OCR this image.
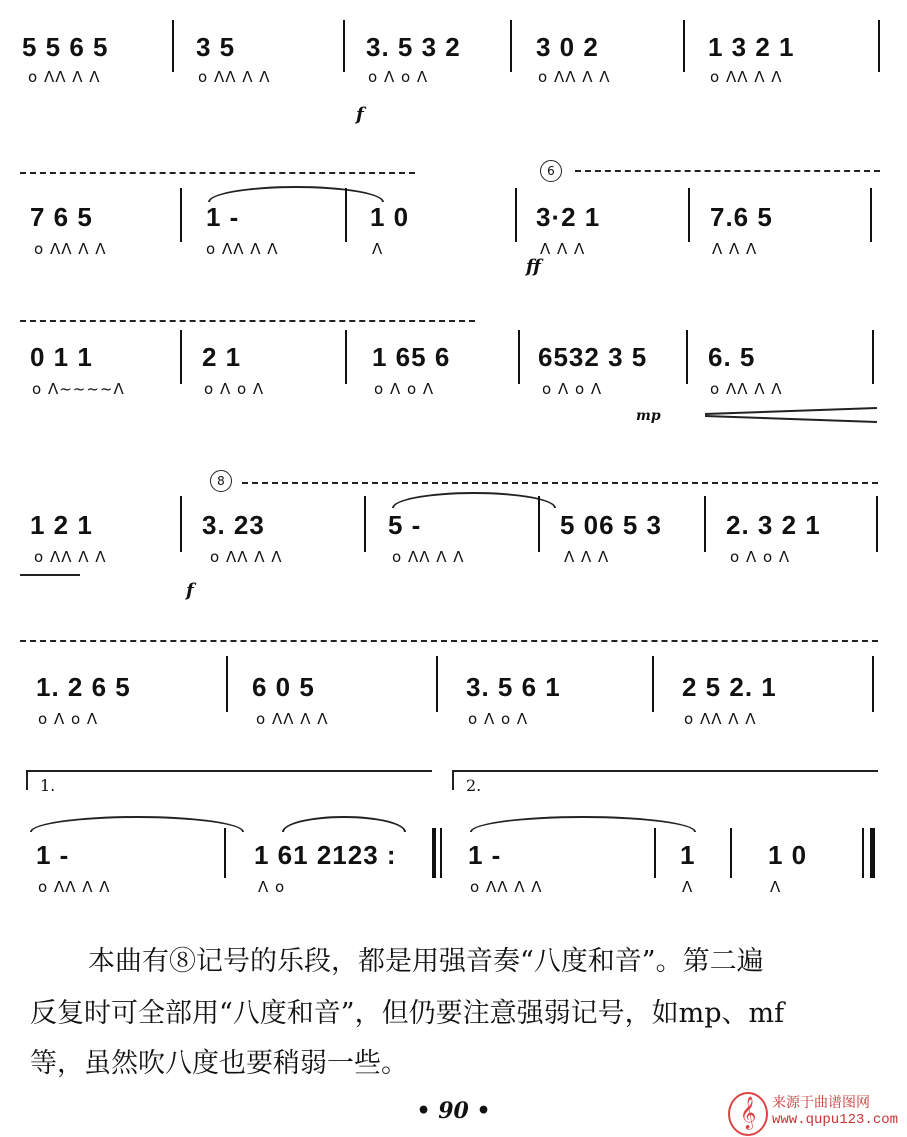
5 5 6 5
o ΛΛ Λ Λ
3 5
o ΛΛ Λ Λ
3. 5 3 2
o Λ o Λ
f
3 0 2
o ΛΛ Λ Λ
1 3 2 1
o ΛΛ Λ Λ
6
7 6 5
o ΛΛ Λ Λ
1 -
o ΛΛ Λ Λ
1 0
Λ
3·2 1
Λ Λ Λ
ff
7.6 5
Λ Λ Λ
0 1 1
o Λ~~~~Λ
2 1
o Λ o Λ
1 65 6
o Λ o Λ
6532 3 5
o Λ o Λ
mp
6. 5
o ΛΛ Λ Λ
8
1 2 1
o ΛΛ Λ Λ
3. 23
o ΛΛ Λ Λ
f
5 -
o ΛΛ Λ Λ
5 06 5 3
Λ Λ Λ
2. 3 2 1
o Λ o Λ
1. 2 6 5
o Λ o Λ
6 0 5
o ΛΛ Λ Λ
3. 5 6 1
o Λ o Λ
2 5 2. 1
o ΛΛ Λ Λ
1.	2.
1 -
o ΛΛ Λ Λ
1 61 2123 :
Λ o
1 -
o ΛΛ Λ Λ
1
Λ
1 0
Λ
本曲有⑧记号的乐段，都是用强音奏“八度和音”。第二遍
反复时可全部用“八度和音”，但仍要注意强弱记号，如mp、mf
等，虽然吹八度也要稍弱一些。
• 90 •	𝄞	来源于曲谱图网
www.qupu123.com
